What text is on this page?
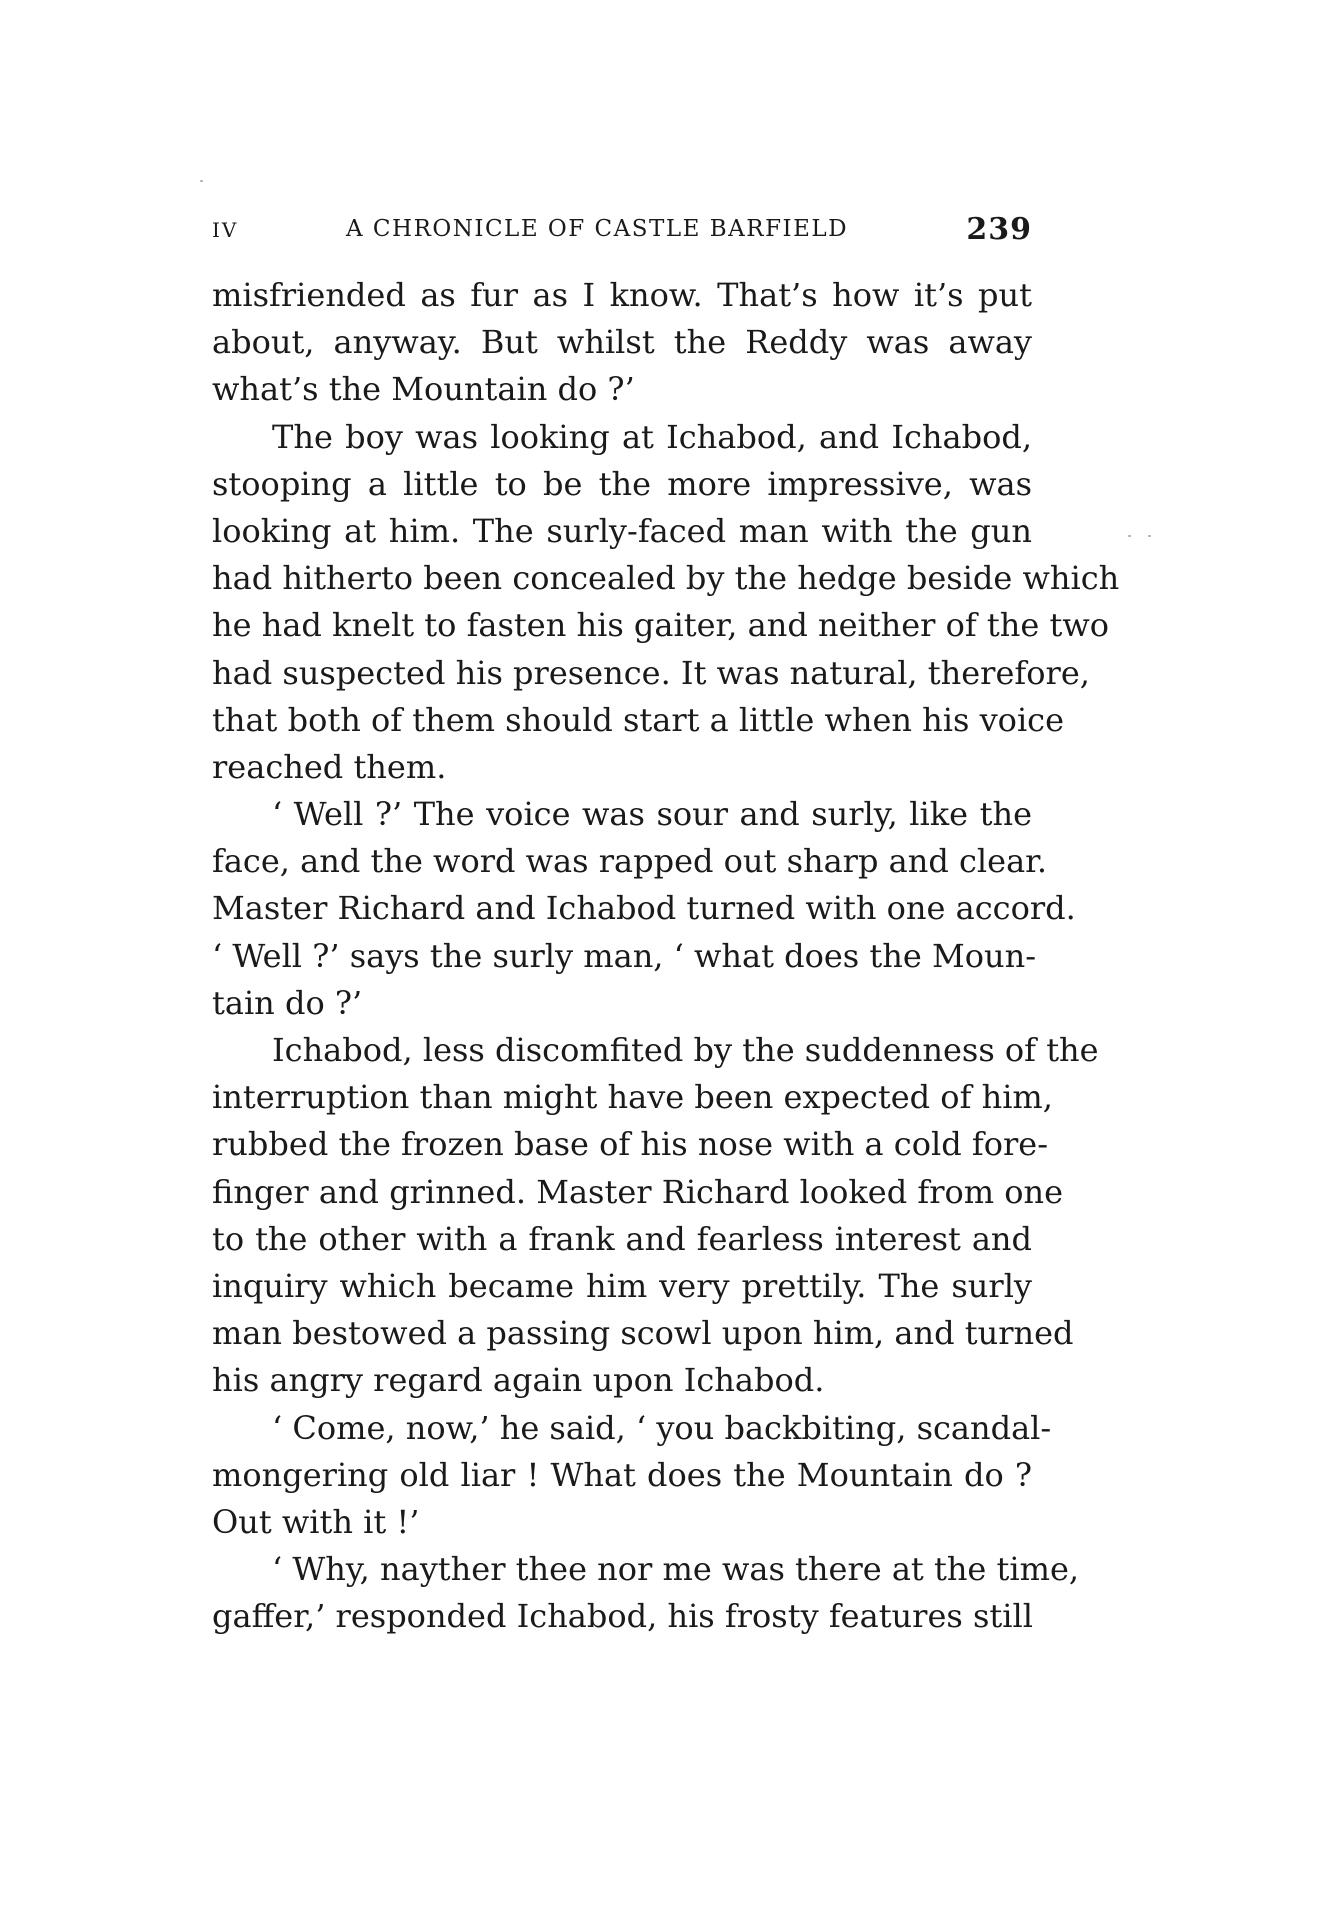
IV	A CHRONICLE OF CASTLE BARFIELD	239
misfriended as fur as I know. That’s how it’s put
about, anyway. But whilst the Reddy was away
what’s the Mountain do ?’
The boy was looking at Ichabod, and Ichabod,
stooping a little to be the more impressive, was
looking at him. The surly-faced man with the gun
had hitherto been concealed by the hedge beside which
he had knelt to fasten his gaiter, and neither of the two
had suspected his presence. It was natural, therefore,
that both of them should start a little when his voice
reached them.
‘ Well ?’ The voice was sour and surly, like the
face, and the word was rapped out sharp and clear.
Master Richard and Ichabod turned with one accord.
‘ Well ?’ says the surly man, ‘ what does the Moun-
tain do ?’
Ichabod, less discomfited by the suddenness of the
interruption than might have been expected of him,
rubbed the frozen base of his nose with a cold fore-
finger and grinned. Master Richard looked from one
to the other with a frank and fearless interest and
inquiry which became him very prettily. The surly
man bestowed a passing scowl upon him, and turned
his angry regard again upon Ichabod.
‘ Come, now,’ he said, ‘ you backbiting, scandal-
mongering old liar ! What does the Mountain do ?
Out with it !’
‘ Why, nayther thee nor me was there at the time,
gaffer,’ responded Ichabod, his frosty features still
